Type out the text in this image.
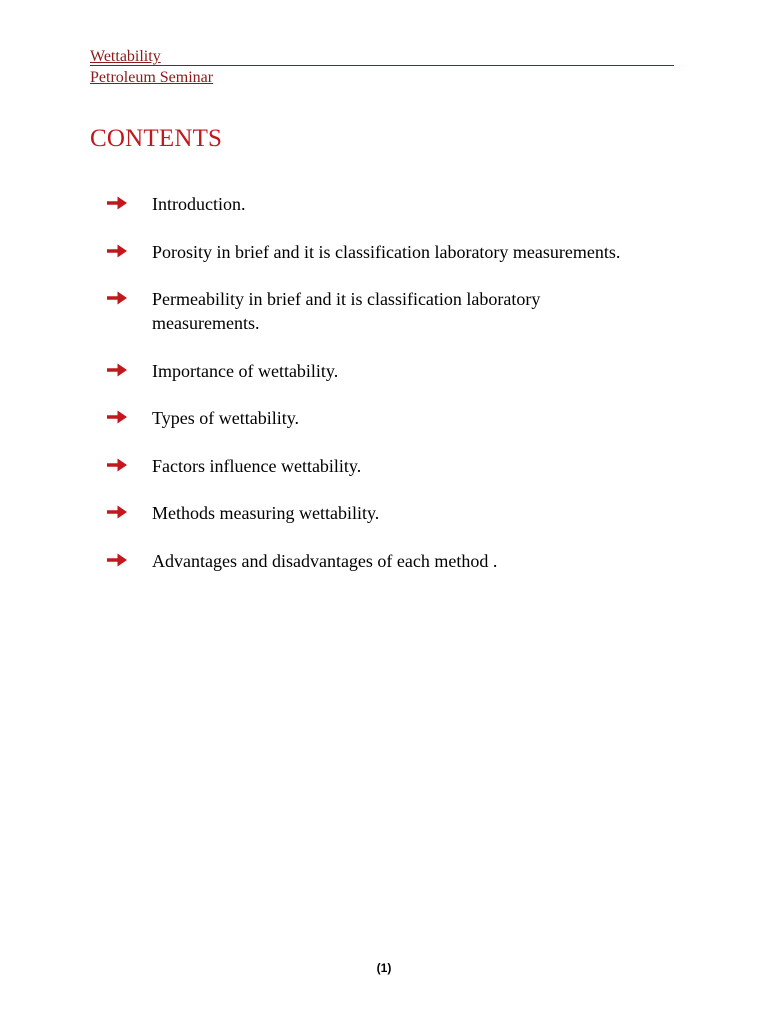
Wettability
Petroleum Seminar
CONTENTS
Introduction.
Porosity in brief and it is classification laboratory measurements.
Permeability in brief and it is classification laboratory measurements.
Importance of wettability.
Types of wettability.
Factors influence wettability.
Methods measuring wettability.
Advantages and disadvantages of each method .
(1)
